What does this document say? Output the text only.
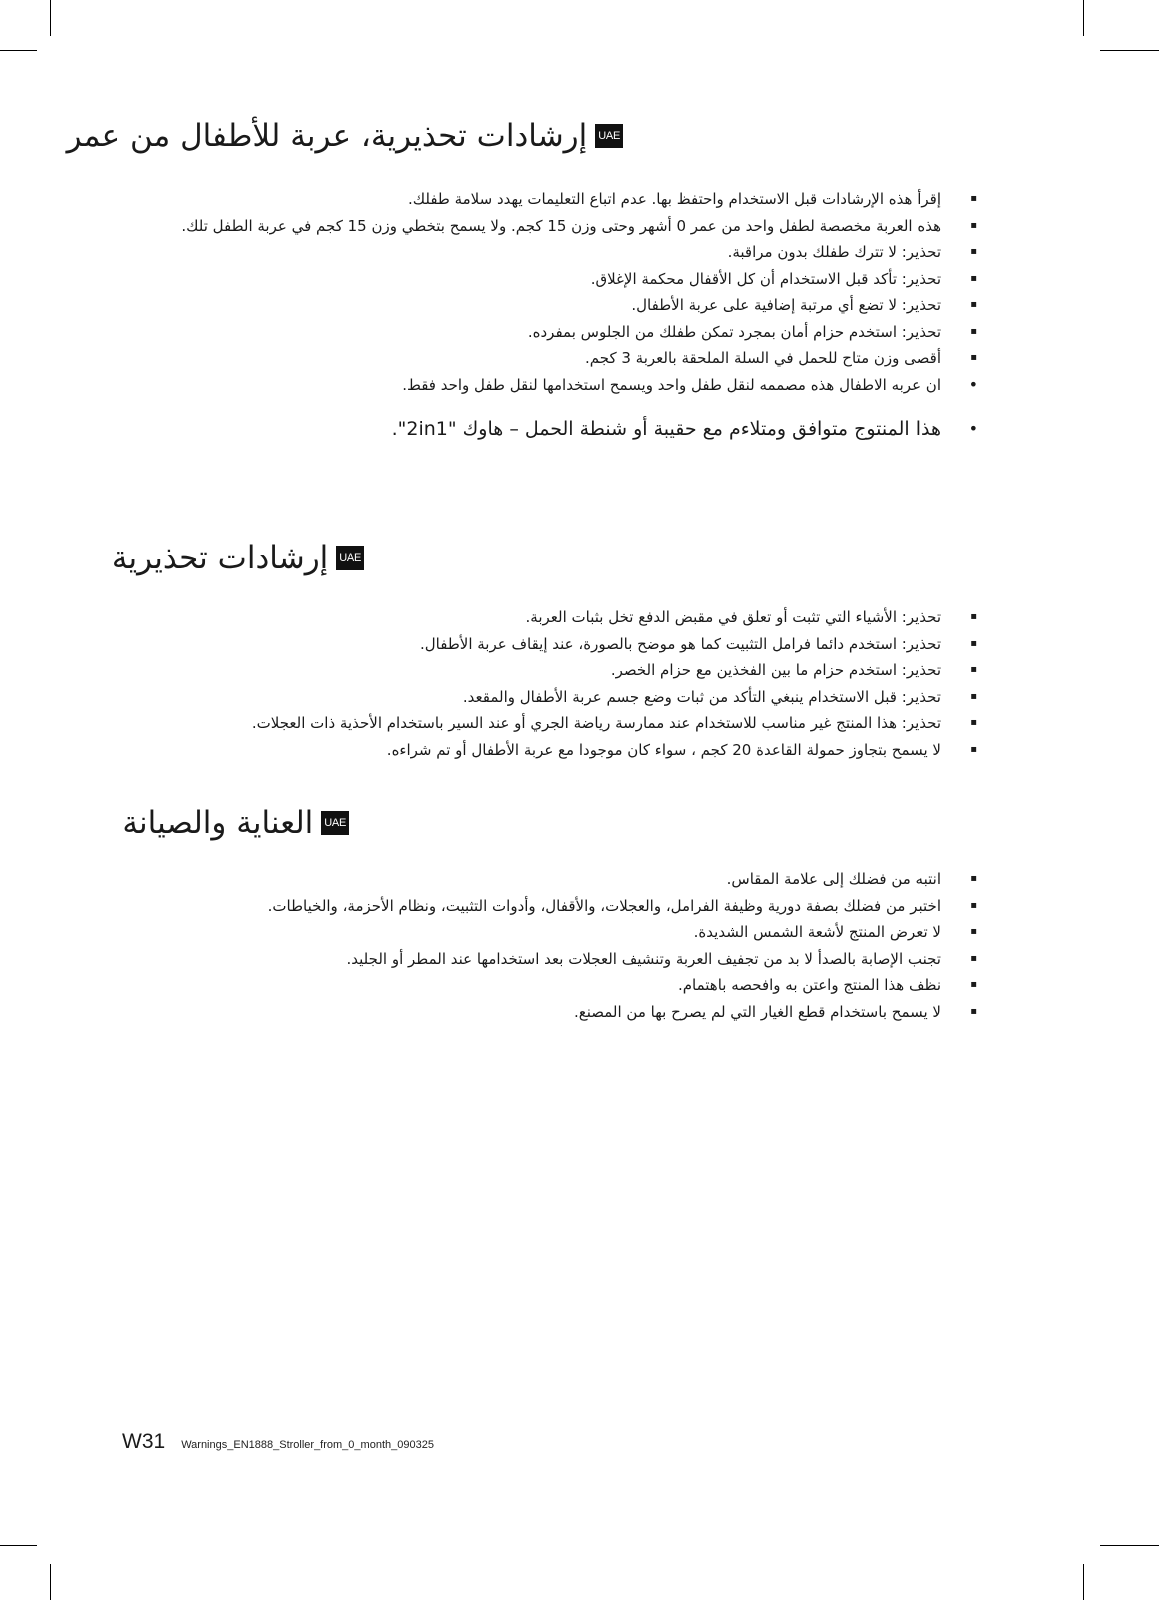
UAE
إرشادات تحذيرية، عربة للأطفال من عمر
▪ إقرأ هذه الإرشادات قبل الاستخدام واحتفظ بها. عدم اتباع التعليمات يهدد سلامة طفلك.
▪ هذه العربة مخصصة لطفل واحد من عمر 0 أشهر وحتى وزن 15 كجم. ولا يسمح بتخطي وزن 15 كجم في عربة الطفل تلك.
▪ تحذير: لا تترك طفلك بدون مراقبة.
▪ تحذير: تأكد قبل الاستخدام أن كل الأقفال محكمة الإغلاق.
▪ تحذير: لا تضع أي مرتبة إضافية على عربة الأطفال.
▪ تحذير: استخدم حزام أمان بمجرد تمكن طفلك من الجلوس بمفرده.
▪ أقصى وزن متاح للحمل في السلة الملحقة بالعربة 3 كجم.
• ان عربه الاطفال هذه مصممه لنقل طفل واحد ويسمح استخدامها لنقل طفل واحد فقط.
• هذا المنتوج متوافق ومتلاءم مع حقيبة أو شنطة الحمل – هاوك "2in1".
UAE
إرشادات تحذيرية
▪ تحذير: الأشياء التي تثبت أو تعلق في مقبض الدفع تخل بثبات العربة.
▪ تحذير: استخدم دائما فرامل التثبيت كما هو موضح بالصورة، عند إيقاف عربة الأطفال.
▪ تحذير: استخدم حزام ما بين الفخذين مع حزام الخصر.
▪ تحذير: قبل الاستخدام ينبغي التأكد من ثبات وضع جسم عربة الأطفال والمقعد.
▪ تحذير: هذا المنتج غير مناسب للاستخدام عند ممارسة رياضة الجري أو عند السير باستخدام الأحذية ذات العجلات.
▪ لا يسمح بتجاوز حمولة القاعدة 20 كجم ، سواء كان موجودا مع عربة الأطفال أو تم شراءه.
UAE
العناية والصيانة
▪ انتبه من فضلك إلى علامة المقاس.
▪ اختبر من فضلك بصفة دورية وظيفة الفرامل، والعجلات، والأقفال، وأدوات التثبيت، ونظام الأحزمة، والخياطات.
▪ لا تعرض المنتج لأشعة الشمس الشديدة.
▪ تجنب الإصابة بالصدأ لا بد من تجفيف العربة وتنشيف العجلات بعد استخدامها عند المطر أو الجليد.
▪ نظف هذا المنتج واعتن به وافحصه باهتمام.
▪ لا يسمح باستخدام قطع الغيار التي لم يصرح بها من المصنع.
W31 Warnings_EN1888_Stroller_from_0_month_090325
